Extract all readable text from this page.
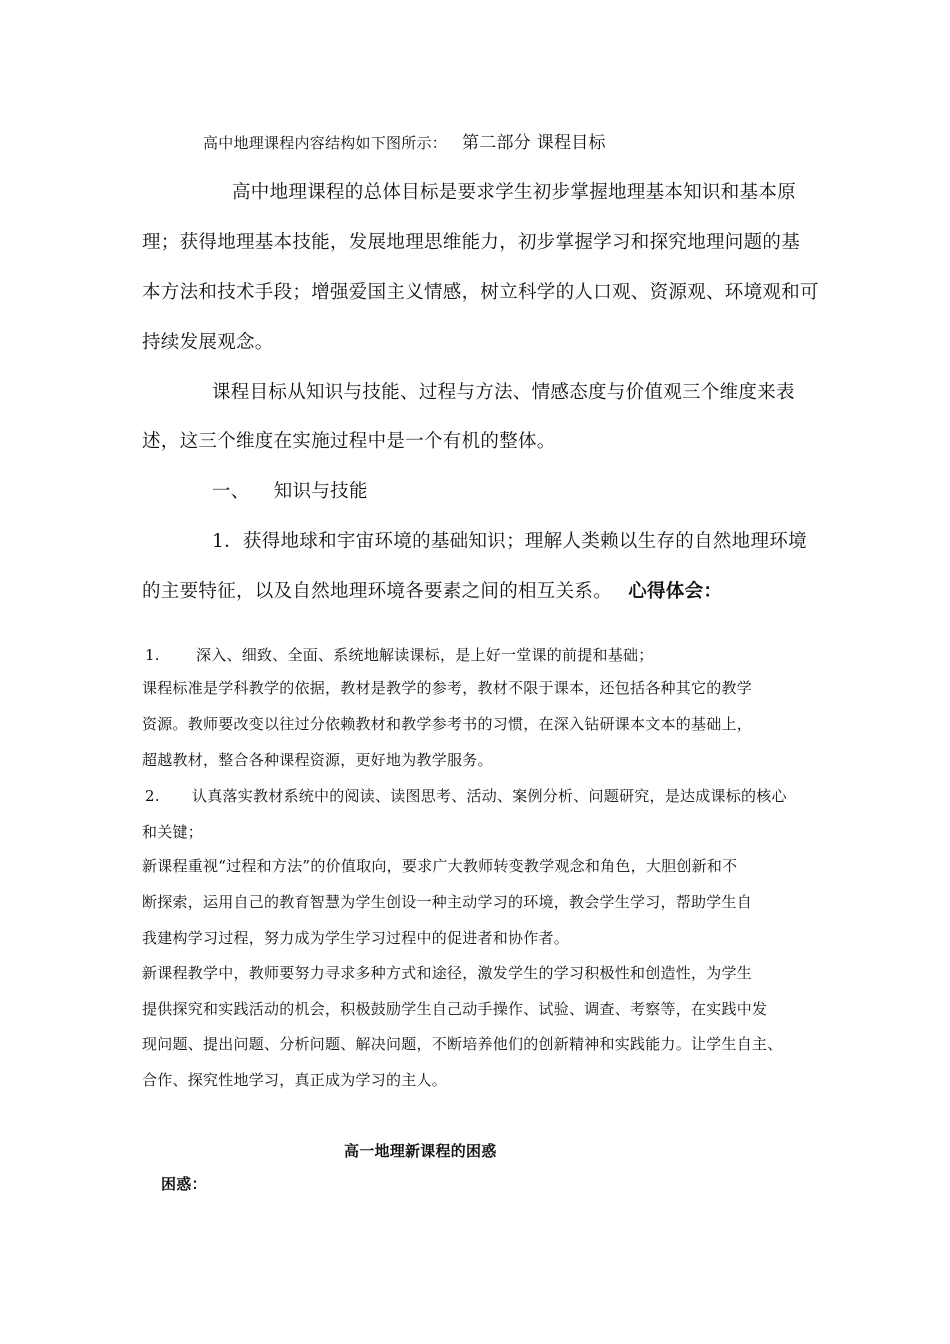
高中地理课程内容结构如下图所示： 第二部分 课程目标
高中地理课程的总体目标是要求学生初步掌握地理基本知识和基本原
理；获得地理基本技能，发展地理思维能力，初步掌握学习和探究地理问题的基
本方法和技术手段；增强爱国主义情感，树立科学的人口观、资源观、环境观和可
持续发展观念。
课程目标从知识与技能、过程与方法、情感态度与价值观三个维度来表
述，这三个维度在实施过程中是一个有机的整体。
一、 知识与技能
1．获得地球和宇宙环境的基础知识；理解人类赖以生存的自然地理环境
的主要特征，以及自然地理环境各要素之间的相互关系。 心得体会：
1. 深入、细致、全面、系统地解读课标，是上好一堂课的前提和基础；
课程标准是学科教学的依据，教材是教学的参考，教材不限于课本，还包括各种其它的教学
资源。教师要改变以往过分依赖教材和教学参考书的习惯，在深入钻研课本文本的基础上，
超越教材，整合各种课程资源，更好地为教学服务。
2. 认真落实教材系统中的阅读、读图思考、活动、案例分析、问题研究，是达成课标的核心
和关键；
新课程重视“过程和方法”的价值取向，要求广大教师转变教学观念和角色，大胆创新和不
断探索，运用自己的教育智慧为学生创设一种主动学习的环境，教会学生学习，帮助学生自
我建构学习过程，努力成为学生学习过程中的促进者和协作者。
新课程教学中，教师要努力寻求多种方式和途径，激发学生的学习积极性和创造性，为学生
提供探究和实践活动的机会，积极鼓励学生自己动手操作、试验、调查、考察等，在实践中发
现问题、提出问题、分析问题、解决问题，不断培养他们的创新精神和实践能力。让学生自主、
合作、探究性地学习，真正成为学习的主人。
高一地理新课程的困惑
困惑：
